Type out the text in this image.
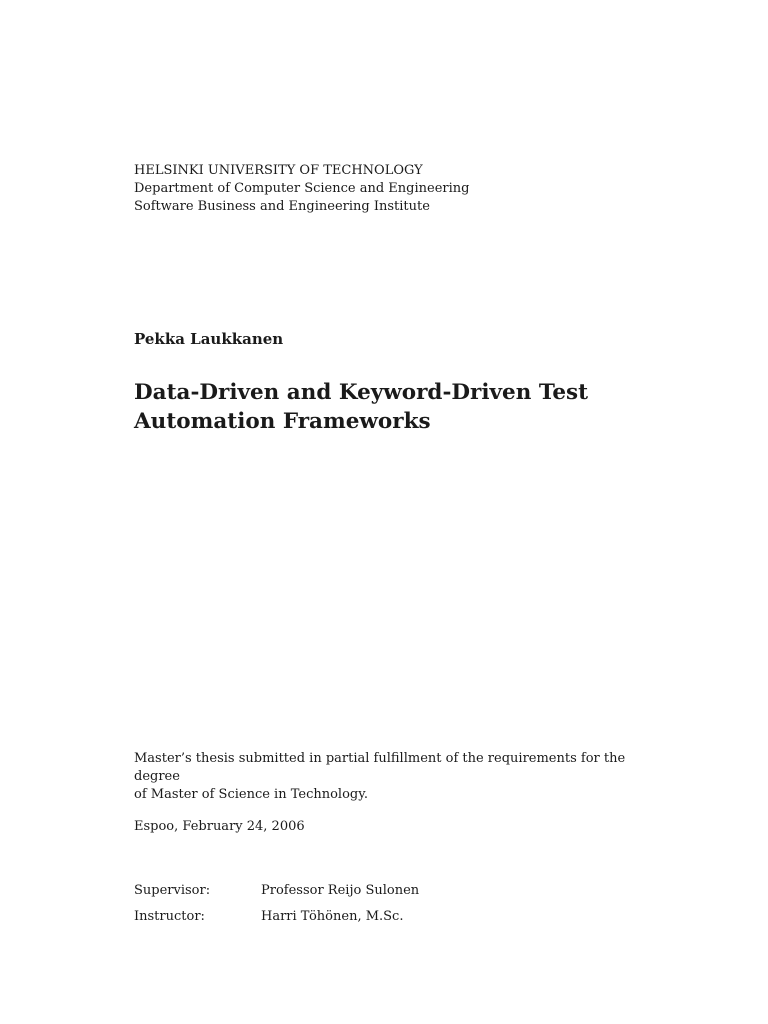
HELSINKI UNIVERSITY OF TECHNOLOGY
Department of Computer Science and Engineering
Software Business and Engineering Institute
Pekka Laukkanen
Data-Driven and Keyword-Driven Test
Automation Frameworks
Master’s thesis submitted in partial fulfillment of the requirements for the degree
of Master of Science in Technology.
Espoo, February 24, 2006
Supervisor:	Professor Reijo Sulonen
Instructor:	Harri Töhönen, M.Sc.
